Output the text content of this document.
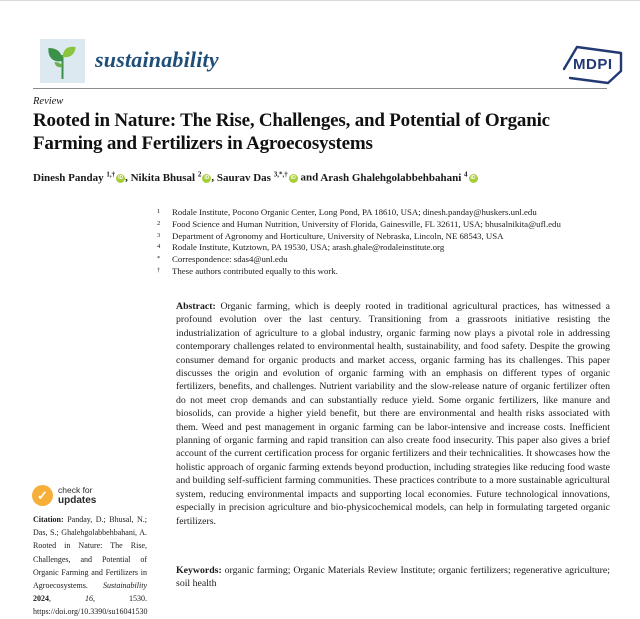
sustainability	MDPI
Review
Rooted in Nature: The Rise, Challenges, and Potential of Organic Farming and Fertilizers in Agroecosystems
Dinesh Panday $^{1,\dagger}$ iD , Nikita Bhusal $^2$ iD , Saurav Das $^{3,*,\dagger}$ iD and Arash Ghalehgolabbehbahani $^4$ iD
1	Rodale Institute, Pocono Organic Center, Long Pond, PA 18610, USA; dinesh.panday@huskers.unl.edu
2	Food Science and Human Nutrition, University of Florida, Gainesville, FL 32611, USA; bhusalnikita@ufl.edu
3	Department of Agronomy and Horticulture, University of Nebraska, Lincoln, NE 68543, USA
4	Rodale Institute, Kutztown, PA 19530, USA; arash.ghale@rodaleinstitute.org
*	Correspondence: sdas4@unl.edu
†	These authors contributed equally to this work.
Abstract: Organic farming, which is deeply rooted in traditional agricultural practices, has witnessed a profound evolution over the last century. Transitioning from a grassroots initiative resisting the industrialization of agriculture to a global industry, organic farming now plays a pivotal role in addressing contemporary challenges related to environmental health, sustainability, and food safety. Despite the growing consumer demand for organic products and market access, organic farming has its challenges. This paper discusses the origin and evolution of organic farming with an emphasis on different types of organic fertilizers, benefits, and challenges. Nutrient variability and the slow-release nature of organic fertilizer often do not meet crop demands and can substantially reduce yield. Some organic fertilizers, like manure and biosolids, can provide a higher yield benefit, but there are environmental and health risks associated with them. Weed and pest management in organic farming can be labor-intensive and increase costs. Inefficient planning of organic farming and rapid transition can also create food insecurity. This paper also gives a brief account of the current certification process for organic fertilizers and their technicalities. It showcases how the holistic approach of organic farming extends beyond production, including strategies like reducing food waste and building self-sufficient farming communities. These practices contribute to a more sustainable agricultural system, reducing environmental impacts and supporting local economies. Future technological innovations, especially in precision agriculture and bio-physicochemical models, can help in formulating targeted organic fertilizers.
Keywords: organic farming; Organic Materials Review Institute; organic fertilizers; regenerative agriculture; soil health
✓	check for
updates
Citation: Panday, D.; Bhusal, N.; Das, S.; Ghalehgolabbehbahani, A. Rooted in Nature: The Rise, Challenges, and Potential of Organic Farming and Fertilizers in Agroecosystems. Sustainability 2024, 16, 1530. https://doi.org/10.3390/su16041530
